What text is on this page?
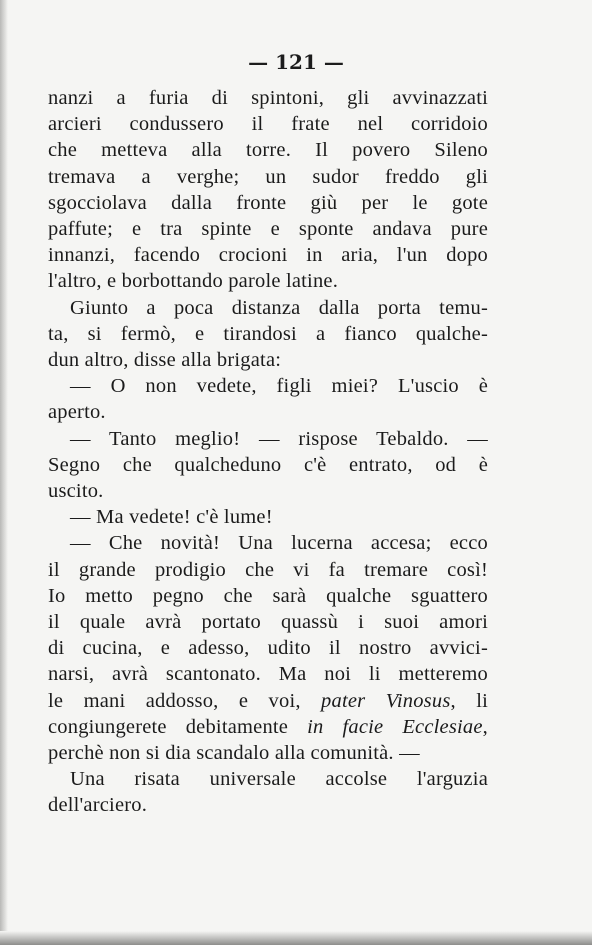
— 121 —
nanzi a furia di spintoni, gli avvinazzati
arcieri condussero il frate nel corridoio
che metteva alla torre. Il povero Sileno
tremava a verghe; un sudor freddo gli
sgocciolava dalla fronte giù per le gote
paffute; e tra spinte e sponte andava pure
innanzi, facendo crocioni in aria, l'un dopo
l'altro, e borbottando parole latine.
Giunto a poca distanza dalla porta temu-
ta, si fermò, e tirandosi a fianco qualche-
dun altro, disse alla brigata:
— O non vedete, figli miei? L'uscio è
aperto.
— Tanto meglio! — rispose Tebaldo. —
Segno che qualcheduno c'è entrato, od è
uscito.
— Ma vedete! c'è lume!
— Che novità! Una lucerna accesa; ecco
il grande prodigio che vi fa tremare così!
Io metto pegno che sarà qualche sguattero
il quale avrà portato quassù i suoi amori
di cucina, e adesso, udito il nostro avvici-
narsi, avrà scantonato. Ma noi li metteremo
le mani addosso, e voi, pater Vinosus, li
congiungerete debitamente in facie Ecclesiae,
perchè non si dia scandalo alla comunità. —
Una risata universale accolse l'arguzia
dell'arciero.
